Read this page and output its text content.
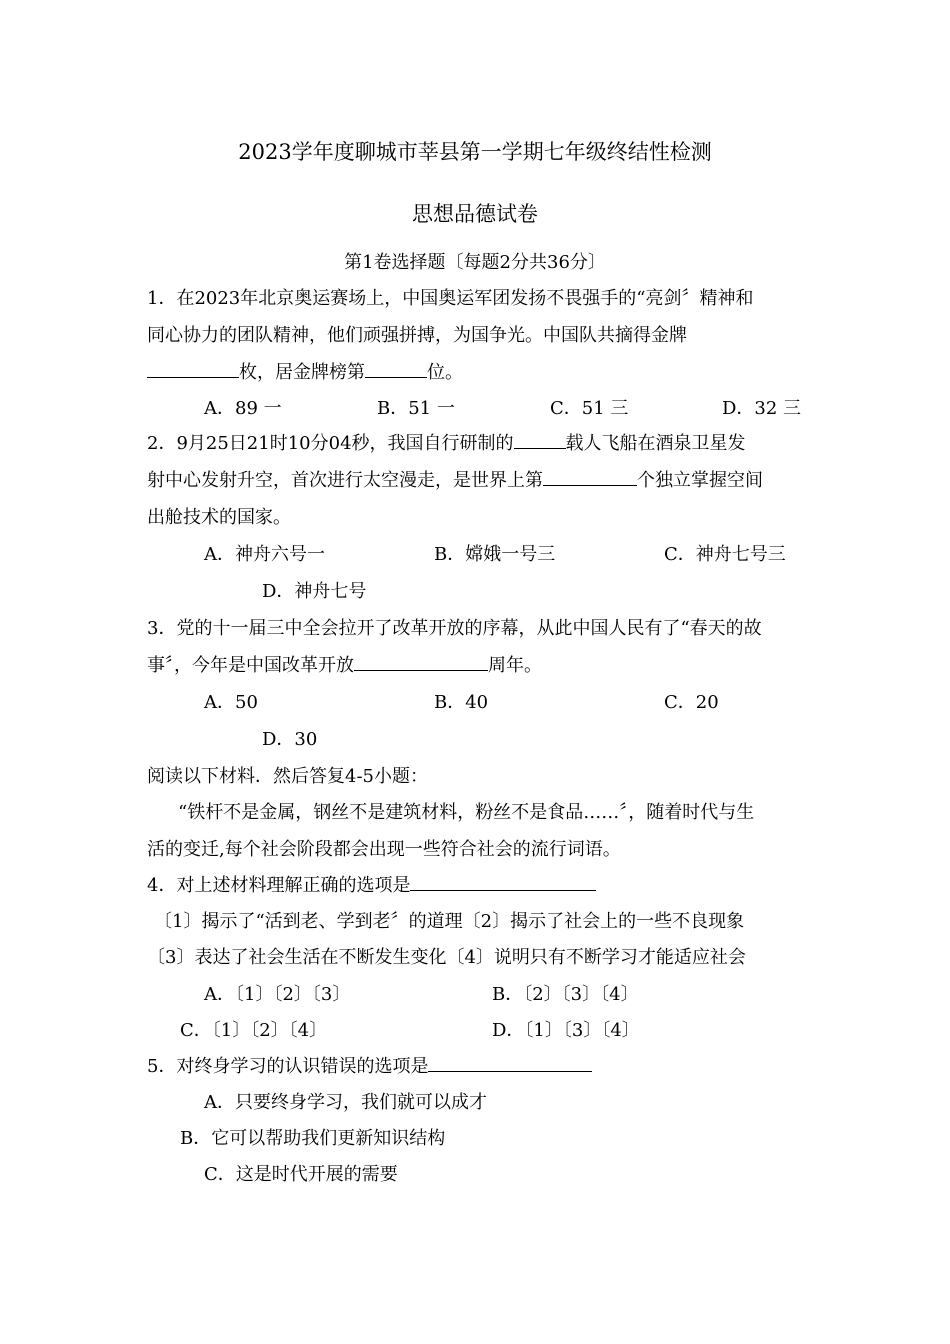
2023学年度聊城市莘县第一学期七年级终结性检测
思想品德试卷
第1卷选择题〔每题2分共36分〕
1．在2023年北京奥运赛场上，中国奥运军团发扬不畏强手的“亮剑〞精神和
同心协力的团队精神，他们顽强拼搏，为国争光。中国队共摘得金牌
枚，居金牌榜第	位。
A．89 一	B．51 一	C．51 三	D．32 三
2．9月25日21时10分04秒，我国自行研制的	载人飞船在酒泉卫星发
射中心发射升空，首次进行太空漫走，是世界上第	个独立掌握空间
出舱技术的国家。
A．神舟六号一	B．嫦娥一号三	C．神舟七号三
D．神舟七号
3．党的十一届三中全会拉开了改革开放的序幕，从此中国人民有了“春天的故
事〞，今年是中国改革开放	周年。
A．50	B．40	C．20
D．30
阅读以下材料．然后答复4-5小题：
“铁杆不是金属，钢丝不是建筑材料，粉丝不是食品……〞，随着时代与生
活的变迁,每个社会阶段都会出现一些符合社会的流行词语。
4．对上述材料理解正确的选项是
〔1〕揭示了“活到老、学到老〞的道理〔2〕揭示了社会上的一些不良现象
〔3〕表达了社会生活在不断发生变化〔4〕说明只有不断学习才能适应社会
A．〔1〕〔2〕〔3〕	B．〔2〕〔3〕〔4〕
C．〔1〕〔2〕〔4〕	D．〔1〕〔3〕〔4〕
5．对终身学习的认识错误的选项是
A．只要终身学习，我们就可以成才
B．它可以帮助我们更新知识结构
C．这是时代开展的需要
